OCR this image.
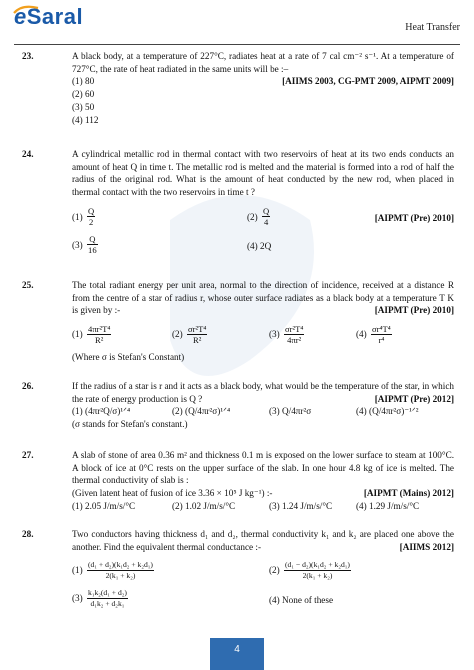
eSaral	Heat Transfer
23.	A black body, at a temperature of 227°C, radiates heat at a rate of 7 cal cm⁻² s⁻¹. At a temperature of 727°C, the rate of heat radiated in the same units will be :–
(1) 80	[AIIMS 2003, CG-PMT 2009, AIPMT 2009]
(2) 60
(3) 50
(4) 112
24.	A cylindrical metallic rod in thermal contact with two reservoirs of heat at its two ends conducts an amount of heat Q in time t. The metallic rod is melted and the material is formed into a rod of half the radius of the original rod. What is the amount of heat conducted by the new rod, when placed in thermal contact with the two reservoirs in time t ?
$(1) \frac{Q}{2}$	$(2) \frac{Q}{4}$	[AIPMT (Pre) 2010]
$(3) \frac{Q}{16}$	(4) 2Q
25.	The total radiant energy per unit area, normal to the direction of incidence, received at a distance R from the centre of a star of radius r, whose outer surface radiates as a black body at a temperature T K is given by :-	[AIPMT (Pre) 2010]
$(1) \frac{\text{4πr²T⁴}}{\text{R²}}$	$(2) \frac{\text{σr²T⁴}}{\text{R²}}$	$(3) \frac{\text{σr²T⁴}}{\text{4πr²}}$	$(4) \frac{\text{σr⁴T⁴}}{\text{r⁴}}$
(Where σ is Stefan's Constant)
26.	If the radius of a star is r and it acts as a black body, what would be the temperature of the star, in which the rate of energy production is Q ?	[AIPMT (Pre) 2012]
(1) (4πr²Q/σ)¹ᐟ⁴	(2) (Q/4πr²σ)¹ᐟ⁴	(3) Q/4πr²σ	(4) (Q/4πr²σ)⁻¹ᐟ²
(σ stands for Stefan's constant.)
27.	A slab of stone of area 0.36 m² and thickness 0.1 m is exposed on the lower surface to steam at 100°C. A block of ice at 0°C rests on the upper surface of the slab. In one hour 4.8 kg of ice is melted. The thermal conductivity of slab is :
(Given latent heat of fusion of ice 3.36 × 10⁵ J kg⁻¹) :-	[AIPMT (Mains) 2012]
(1) 2.05 J/m/s/°C	(2) 1.02 J/m/s/°C	(3) 1.24 J/m/s/°C	(4) 1.29 J/m/s/°C
28.	Two conductors having thickness d₁ and d₂, thermal conductivity k₁ and k₂ are placed one above the another. Find the equivalent thermal conductance :-	[AIIMS 2012]
$(1) \frac{\text{(d₁ + d₂)(k₁d₂ + k₂d₁)}}{\text{2(k₁ + k₂)}}$	$(2) \frac{\text{(d₁ − d₂)(k₁d₂ + k₂d₁)}}{\text{2(k₁ + k₂)}}$
$(3) \frac{\text{k₁k₂(d₁ + d₂)}}{\text{d₁k₂ + d₂k₁}}$	(4) None of these
4
